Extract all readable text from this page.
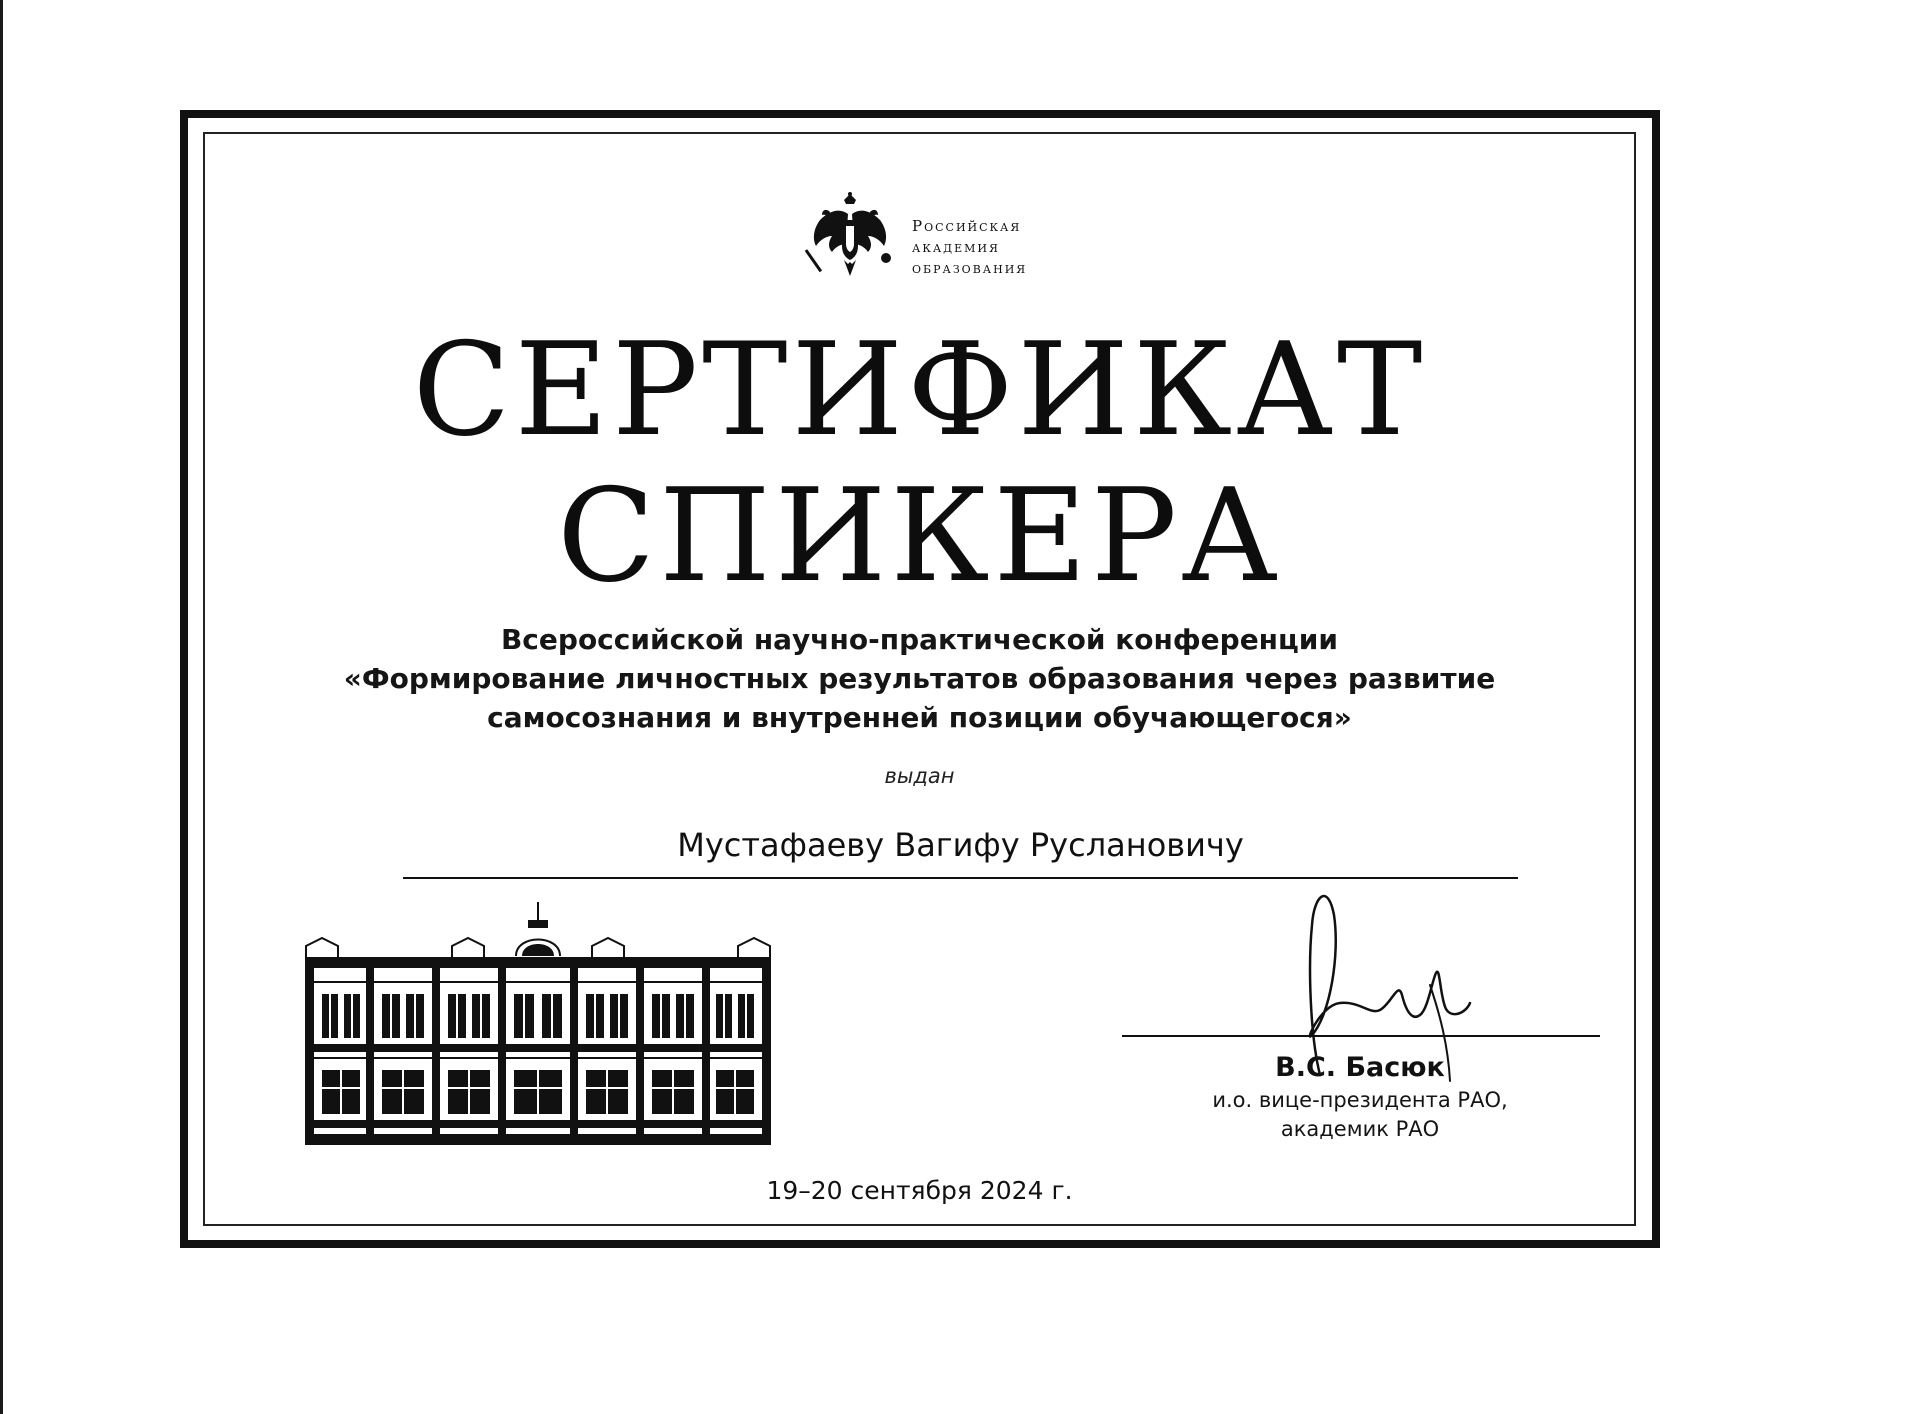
Российская
академия
образования
СЕРТИФИКАТ
СПИКЕРА
Всероссийской научно-практической конференции
«Формирование личностных результатов образования через развитие
самосознания и внутренней позиции обучающегося»
выдан
Мустафаеву Вагифу Руслановичу
В.С. Басюк
и.о. вице-президента РАО,
академик РАО
19–20 сентября 2024 г.
